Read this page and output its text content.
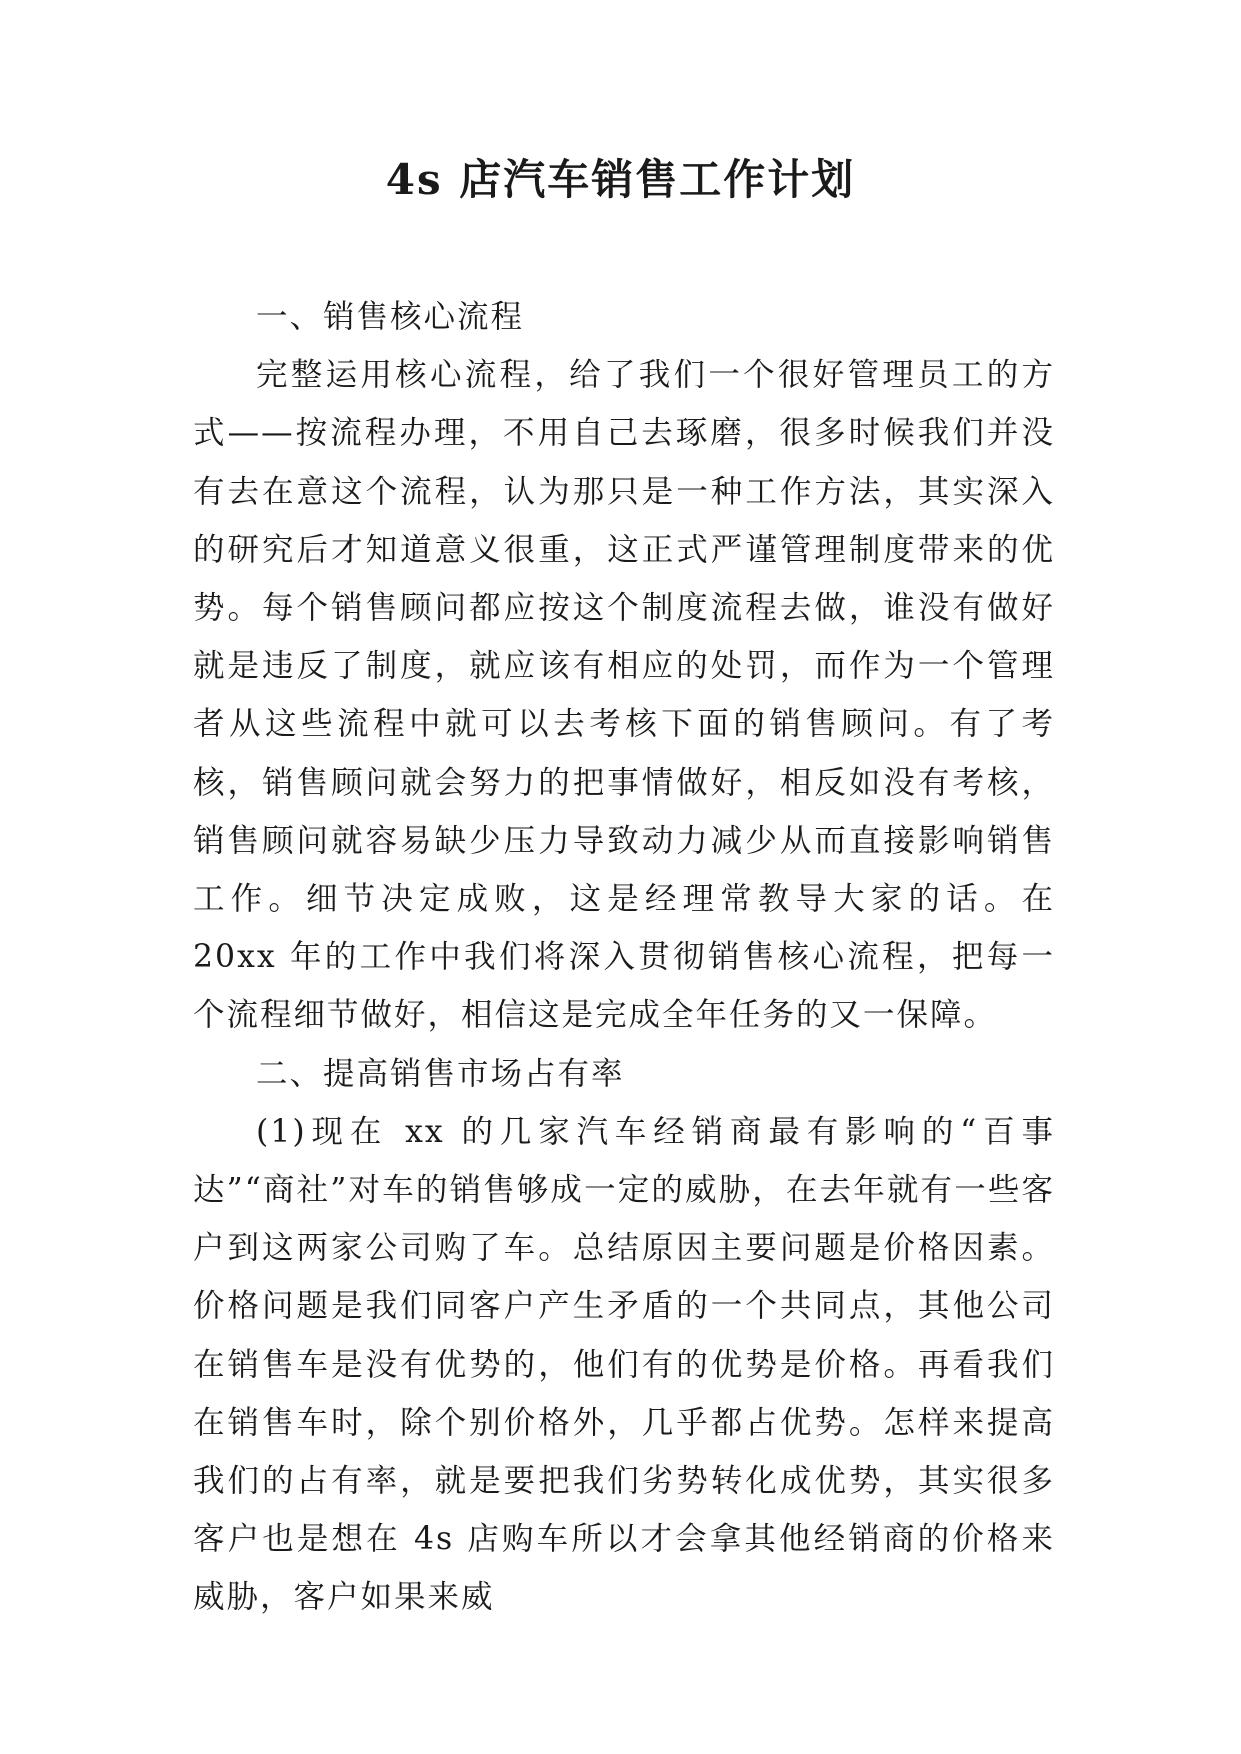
4s 店汽车销售工作计划

一、销售核心流程

完整运用核心流程，给了我们一个很好管理员工的方式——按流程办理，不用自己去琢磨，很多时候我们并没有去在意这个流程，认为那只是一种工作方法，其实深入的研究后才知道意义很重，这正式严谨管理制度带来的优势。每个销售顾问都应按这个制度流程去做，谁没有做好就是违反了制度，就应该有相应的处罚，而作为一个管理者从这些流程中就可以去考核下面的销售顾问。有了考核，销售顾问就会努力的把事情做好，相反如没有考核，销售顾问就容易缺少压力导致动力减少从而直接影响销售工作。细节决定成败，这是经理常教导大家的话。在 20xx 年的工作中我们将深入贯彻销售核心流程，把每一个流程细节做好，相信这是完成全年任务的又一保障。

二、提高销售市场占有率

(1)现在 xx 的几家汽车经销商最有影响的“百事达”“商社”对车的销售够成一定的威胁，在去年就有一些客户到这两家公司购了车。总结原因主要问题是价格因素。价格问题是我们同客户产生矛盾的一个共同点，其他公司在销售车是没有优势的，他们有的优势是价格。再看我们在销售车时，除个别价格外，几乎都占优势。怎样来提高我们的占有率，就是要把我们劣势转化成优势，其实很多客户也是想在 4s 店购车所以才会拿其他经销商的价格来威胁，客户如果来威
